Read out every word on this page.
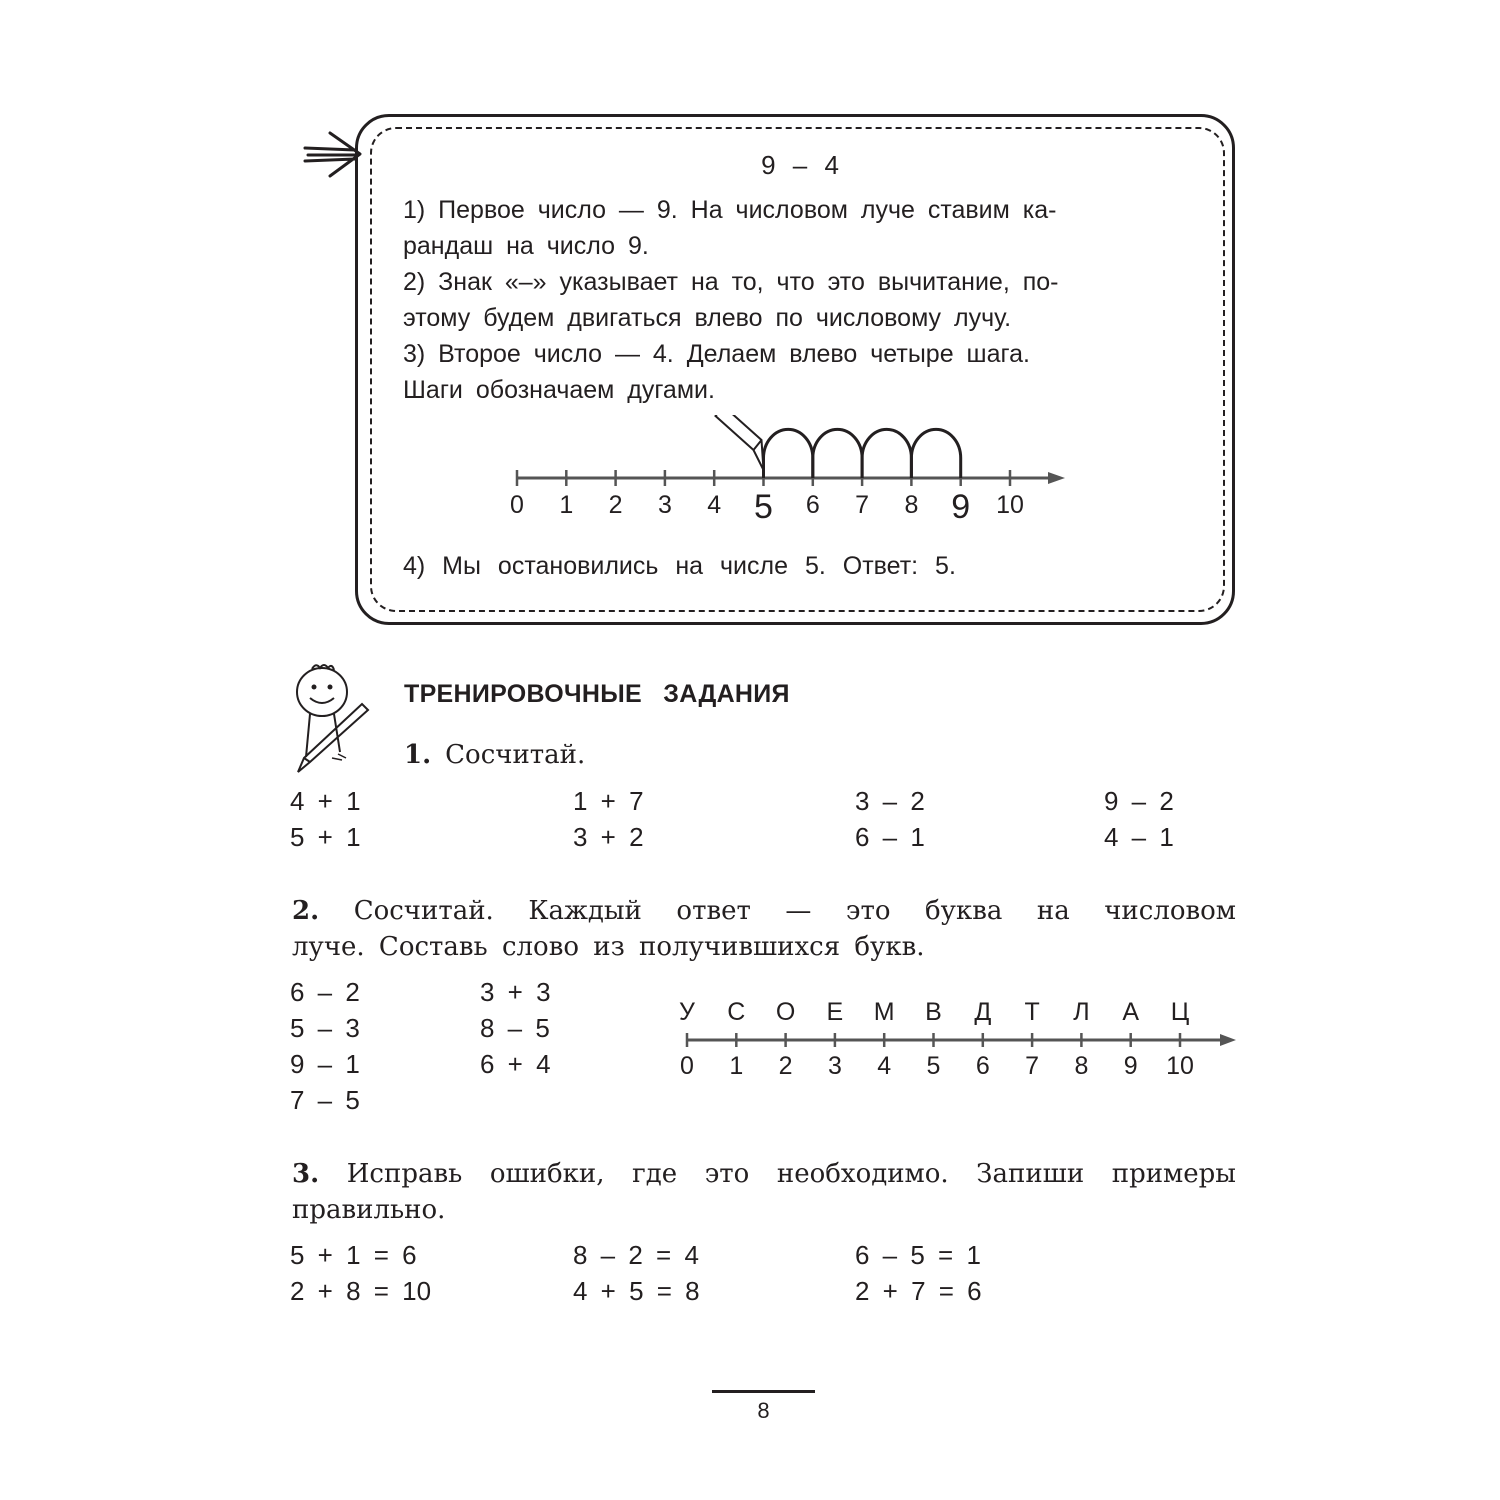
9 – 4

1) Первое число — 9. На числовом луче ставим ка-

рандаш на число 9.

2) Знак «–» указывает на то, что это вычитание, по-

этому будем двигаться влево по числовому лучу.

3) Второе число — 4. Делаем влево четыре шага.

Шаги обозначаем дугами.

0 1 2 3 4 5 6 7 8 9 10
4) Мы остановились на числе 5. Ответ: 5.
ТРЕНИРОВОЧНЫЕ ЗАДАНИЯ
1. Сосчитай.
4 + 1
5 + 1
1 + 7
3 + 2
3 – 2
6 – 1
9 – 2
4 – 1

2. Сосчитай. Каждый ответ — это буква на числовом

луче. Составь слово из получившихся букв.

6 – 2
5 – 3
9 – 1
7 – 5
3 + 3
8 – 5
6 + 4	0
У
1
С
2
О
3
Е
4
М
5
В
6
Д
7
Т
8
Л
9
А
10
Ц

3. Исправь ошибки, где это необходимо. Запиши примеры

правильно.

5 + 1 = 6
2 + 8 = 10
8 – 2 = 4
4 + 5 = 8
6 – 5 = 1
2 + 7 = 6
8
